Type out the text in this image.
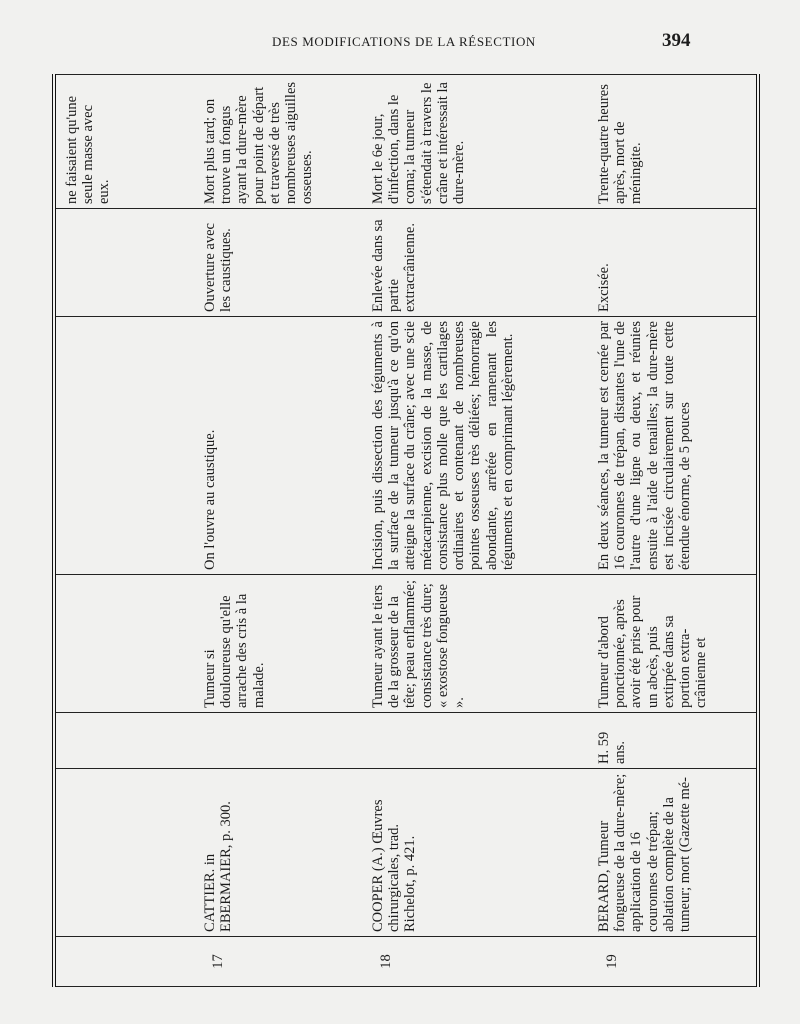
DES MODIFICATIONS DE LA RÉSECTION	394

						ne faisaient qu'une seule masse avec eux.
17	CATTIER. in EBERMAIER, p. 300.		Tumeur si douloureuse qu'elle arrache des cris à la malade.	On l'ouvre au caustique.	Ouverture avec les caustiques.	Mort plus tard; on trouve un fongus ayant la dure-mère pour point de départ et traversé de très nombreuses aiguilles osseuses.
18	COOPER (A.) Œuvres chirurgicales, trad. Richelot, p. 421.		Tumeur ayant le tiers de la grosseur de la tête; peau enflammée; consistance très dure; « exostose fongueuse ».	Incision, puis dissection des téguments à la surface de la tumeur jusqu'à ce qu'on atteigne la surface du crâne; avec une scie métacarpienne, excision de la masse, de consistance plus molle que les cartilages ordinaires et contenant de nombreuses pointes osseuses très déliées; hémorragie abondante, arrêtée en ramenant les téguments et en comprimant légèrement.	Enlevée dans sa partie extracrânienne.	Mort le 6e jour, d'infection, dans le coma; la tumeur s'étendait à travers le crâne et intéressait la dure-mère.
19	BERARD, Tumeur fongueuse de la dure-mère; application de 16 couronnes de trépan; ablation complète de la tumeur; mort (Gazette mé-	H. 59 ans.	Tumeur d'abord ponctionnée, après avoir été prise pour un abcès, puis extirpée dans sa portion extra-crânienne et	En deux séances, la tumeur est cernée par 16 couronnes de trépan, distantes l'une de l'autre d'une ligne ou deux, et réunies ensuite à l'aide de tenailles; la dure-mère est incisée circulairement sur toute cette étendue énorme, de 5 pouces	Excisée.	Trente-quatre heures après, mort de méningite.
